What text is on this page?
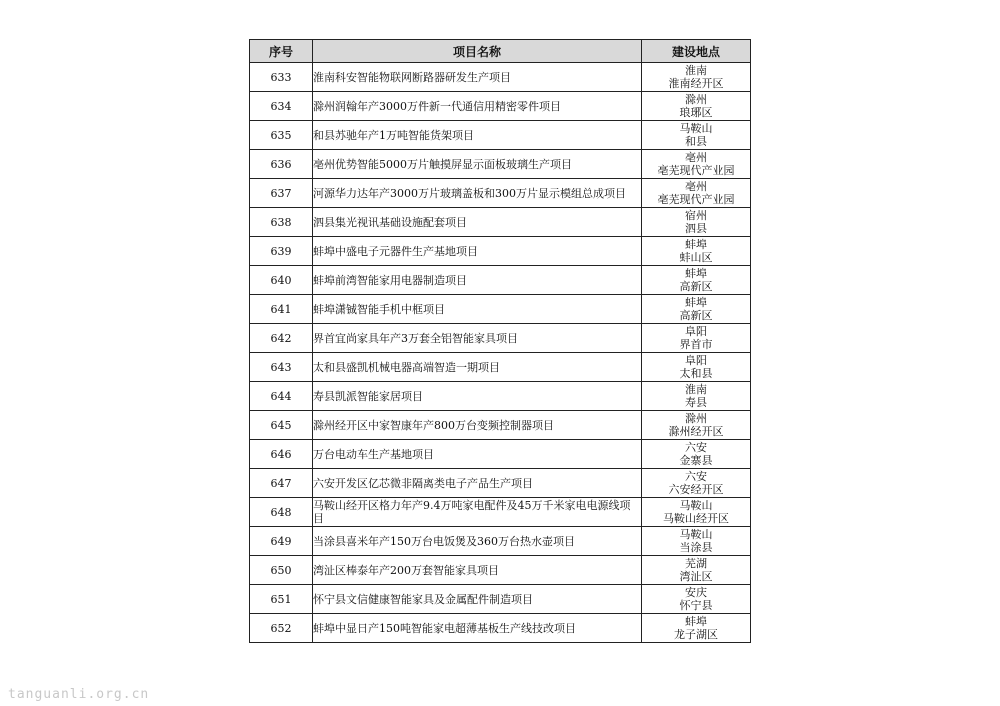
序号	项目名称	建设地点
633	淮南科安智能物联网断路器研发生产项目	淮南
淮南经开区

634	滁州润翰年产3000万件新一代通信用精密零件项目	滁州
琅琊区

635	和县苏驰年产1万吨智能货架项目	马鞍山
和县

636	亳州优势智能5000万片触摸屏显示面板玻璃生产项目	亳州
亳芜现代产业园

637	河源华力达年产3000万片玻璃盖板和300万片显示模组总成项目	亳州
亳芜现代产业园

638	泗县集光视讯基础设施配套项目	宿州
泗县

639	蚌埠中盛电子元器件生产基地项目	蚌埠
蚌山区

640	蚌埠前湾智能家用电器制造项目	蚌埠
高新区

641	蚌埠潇铖智能手机中框项目	蚌埠
高新区

642	界首宜尚家具年产3万套全铝智能家具项目	阜阳
界首市

643	太和县盛凯机械电器高端智造一期项目	阜阳
太和县

644	寿县凯派智能家居项目	淮南
寿县

645	滁州经开区中家智康年产800万台变频控制器项目	滁州
滁州经开区

646	万台电动车生产基地项目	六安
金寨县

647	六安开发区亿芯微非隔离类电子产品生产项目	六安
六安经开区

648	马鞍山经开区格力年产9.4万吨家电配件及45万千米家电电源线项目	马鞍山
马鞍山经开区

649	当涂县喜米年产150万台电饭煲及360万台热水壶项目	马鞍山
当涂县

650	湾沚区棒泰年产200万套智能家具项目	芜湖
湾沚区

651	怀宁县文信健康智能家具及金属配件制造项目	安庆
怀宁县

652	蚌埠中显日产150吨智能家电超薄基板生产线技改项目	蚌埠
龙子湖区
tanguanli.org.cn
